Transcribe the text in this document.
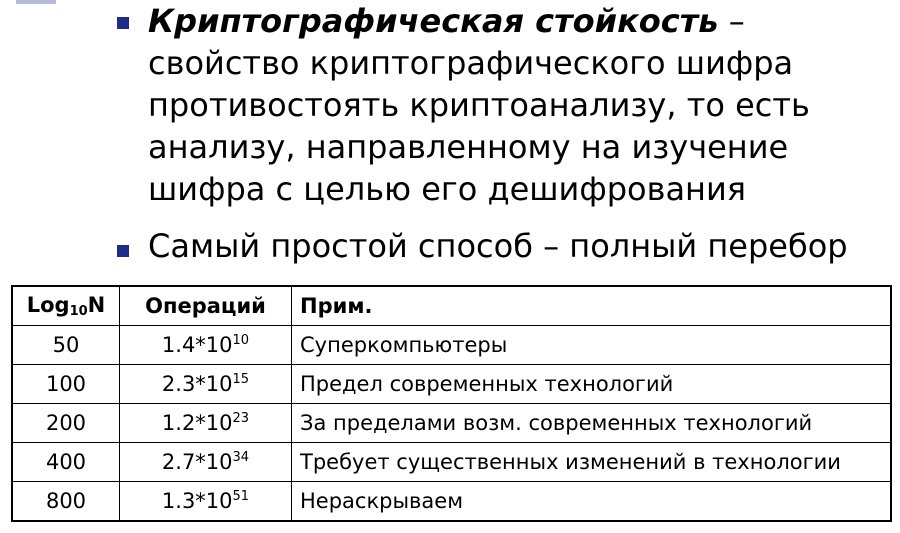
Криптографическая стойкость –
свойство криптографического шифра
противостоять криптоанализу, то есть
анализу, направленному на изучение
шифра с целью его дешифрования
Самый простой способ – полный перебор
Log$_{10}$N	Операций	Прим.
50	$1.4*10^{10}$	Суперкомпьютеры
100	$2.3*10^{15}$	Предел современных технологий
200	$1.2*10^{23}$	За пределами возм. современных технологий
400	$2.7*10^{34}$	Требует существенных изменений в технологии
800	$1.3*10^{51}$	Нераскрываем
